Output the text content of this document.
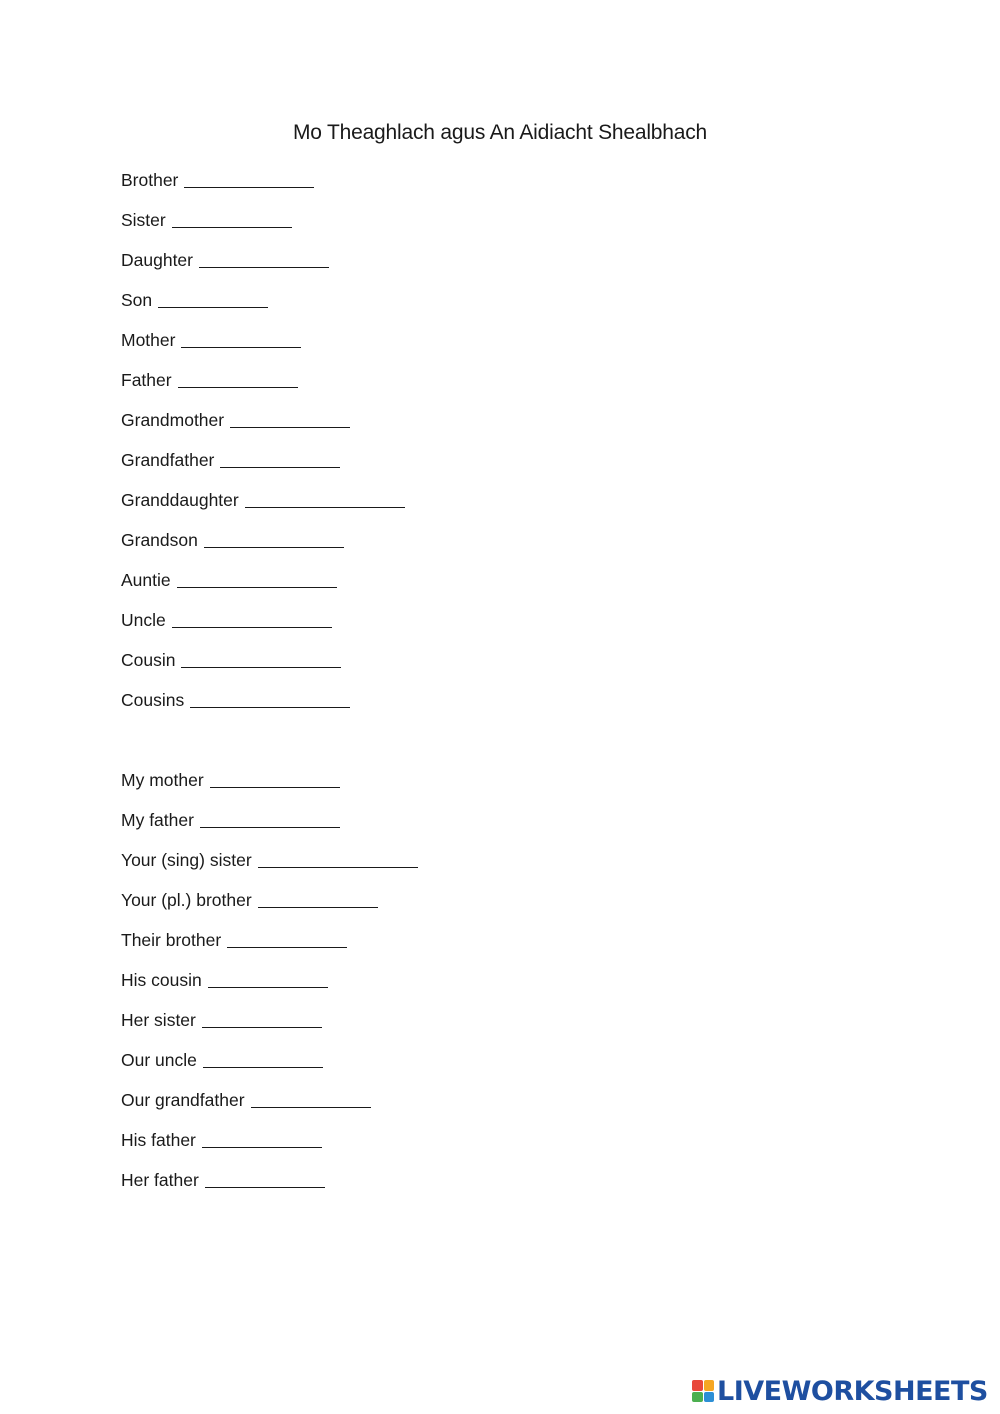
Mo Theaghlach agus An Aidiacht Shealbhach
Brother
Sister
Daughter
Son
Mother
Father
Grandmother
Grandfather
Granddaughter
Grandson
Auntie
Uncle
Cousin
Cousins
My mother
My father
Your (sing) sister
Your (pl.) brother
Their brother
His cousin
Her sister
Our uncle
Our grandfather
His father
Her father
LIVEWORKSHEETS
